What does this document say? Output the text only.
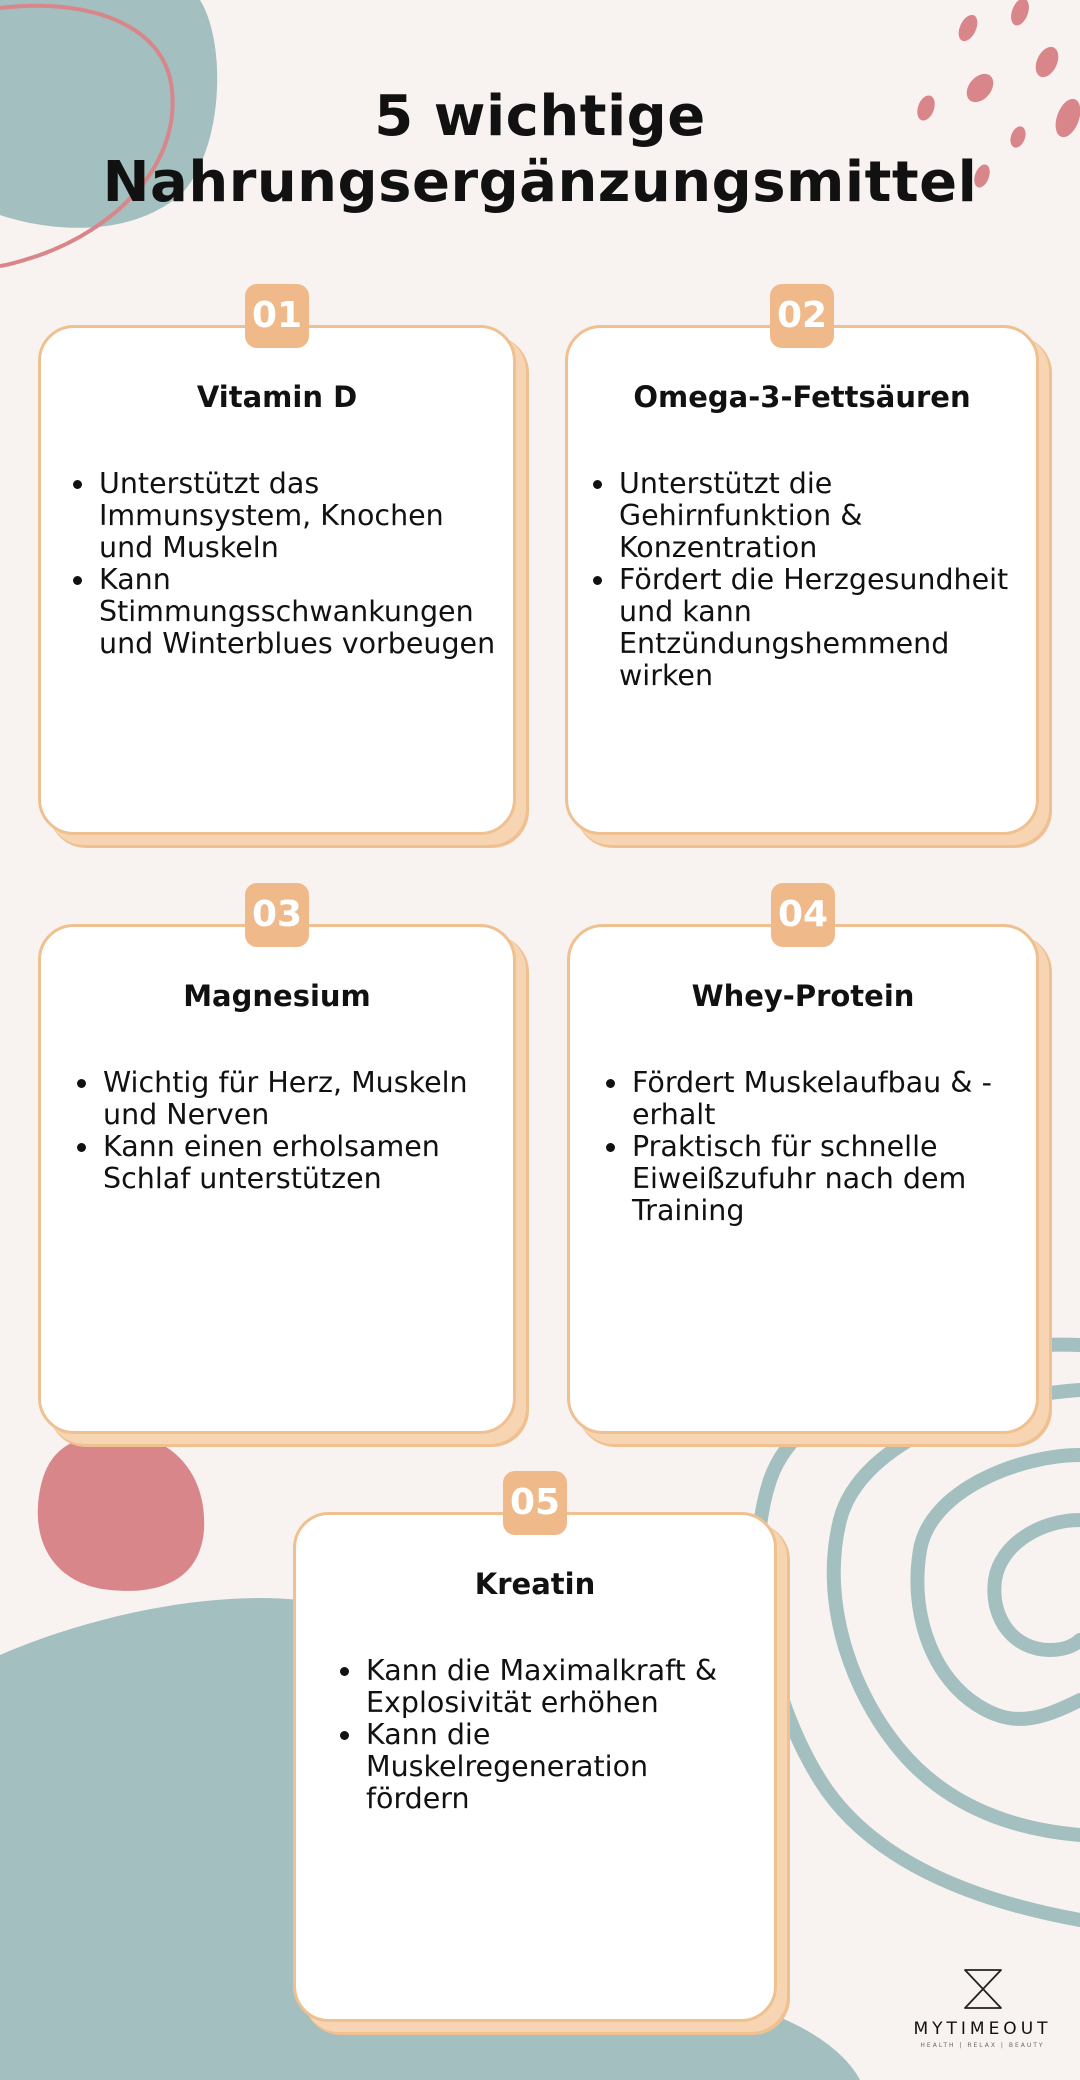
5 wichtige
Nahrungsergänzungsmittel
01
Vitamin D
Unterstützt das Immunsystem, Knochen und Muskeln
Kann Stimmungsschwankungen und Winterblues vorbeugen
02
Omega-3-Fettsäuren
Unterstützt die Gehirnfunktion & Konzentration
Fördert die Herzgesundheit und kann Entzündungshemmend wirken
03
Magnesium
Wichtig für Herz, Muskeln und Nerven
Kann einen erholsamen Schlaf unterstützen
04
Whey-Protein
Fördert Muskelaufbau & -erhalt
Praktisch für schnelle Eiweißzufuhr nach dem Training
05
Kreatin
Kann die Maximalkraft & Explosivität erhöhen
Kann die Muskelregeneration fördern
MYTIMEOUT
HEALTH | RELAX | BEAUTY
